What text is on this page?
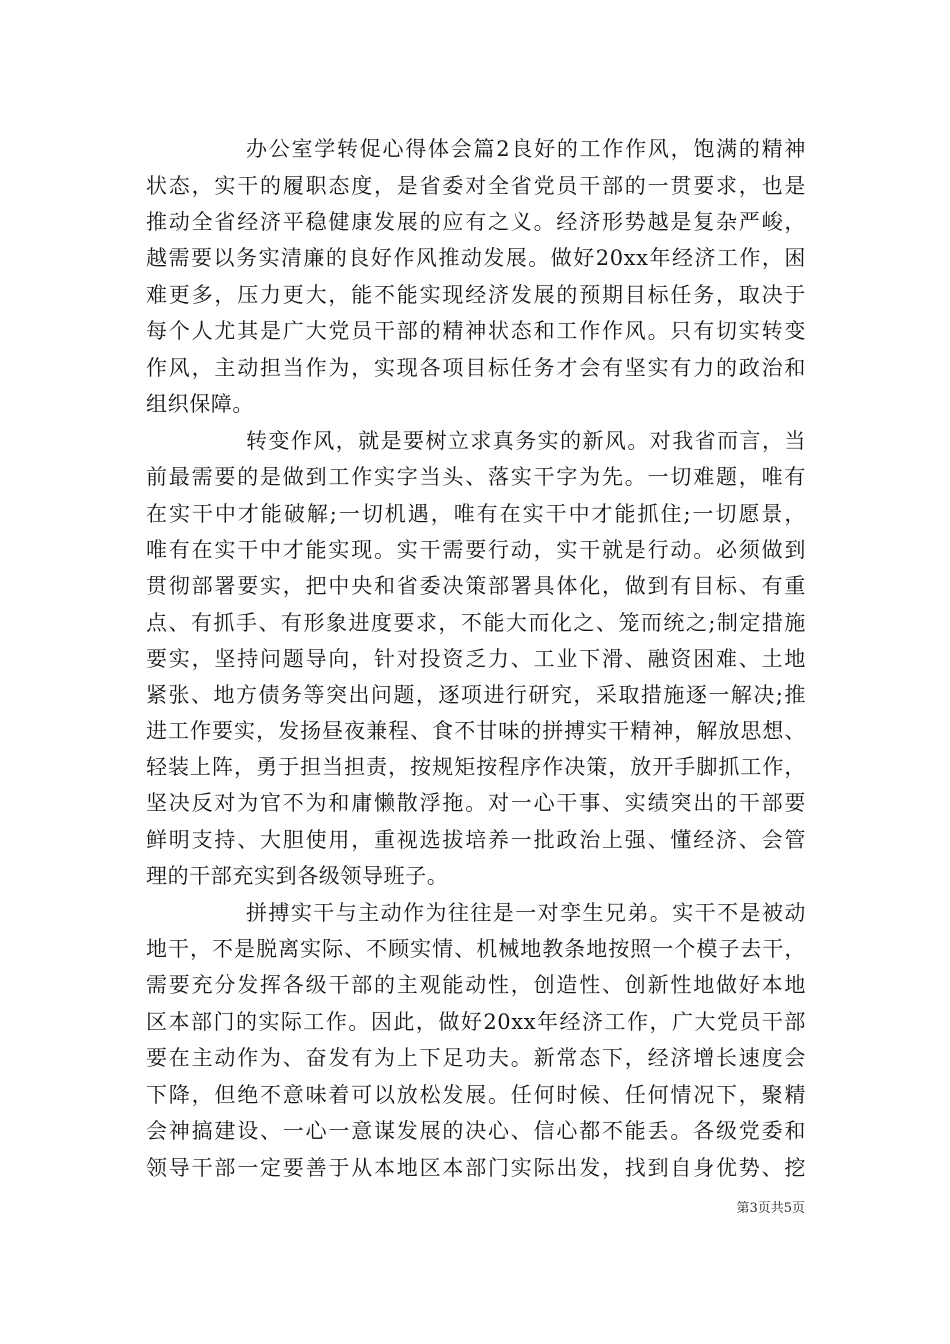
办公室学转促心得体会篇2良好的工作作风，饱满的精神
状态，实干的履职态度，是省委对全省党员干部的一贯要求，也是
推动全省经济平稳健康发展的应有之义。经济形势越是复杂严峻，
越需要以务实清廉的良好作风推动发展。做好20xx年经济工作，困
难更多，压力更大，能不能实现经济发展的预期目标任务，取决于
每个人尤其是广大党员干部的精神状态和工作作风。只有切实转变
作风，主动担当作为，实现各项目标任务才会有坚实有力的政治和
组织保障。
转变作风，就是要树立求真务实的新风。对我省而言，当
前最需要的是做到工作实字当头、落实干字为先。一切难题，唯有
在实干中才能破解;一切机遇，唯有在实干中才能抓住;一切愿景，
唯有在实干中才能实现。实干需要行动，实干就是行动。必须做到
贯彻部署要实，把中央和省委决策部署具体化，做到有目标、有重
点、有抓手、有形象进度要求，不能大而化之、笼而统之;制定措施
要实，坚持问题导向，针对投资乏力、工业下滑、融资困难、土地
紧张、地方债务等突出问题，逐项进行研究，采取措施逐一解决;推
进工作要实，发扬昼夜兼程、食不甘味的拼搏实干精神，解放思想、
轻装上阵，勇于担当担责，按规矩按程序作决策，放开手脚抓工作，
坚决反对为官不为和庸懒散浮拖。对一心干事、实绩突出的干部要
鲜明支持、大胆使用，重视选拔培养一批政治上强、懂经济、会管
理的干部充实到各级领导班子。
拼搏实干与主动作为往往是一对孪生兄弟。实干不是被动
地干，不是脱离实际、不顾实情、机械地教条地按照一个模子去干，
需要充分发挥各级干部的主观能动性，创造性、创新性地做好本地
区本部门的实际工作。因此，做好20xx年经济工作，广大党员干部
要在主动作为、奋发有为上下足功夫。新常态下，经济增长速度会
下降，但绝不意味着可以放松发展。任何时候、任何情况下，聚精
会神搞建设、一心一意谋发展的决心、信心都不能丢。各级党委和
领导干部一定要善于从本地区本部门实际出发，找到自身优势、挖
第3页共5页
